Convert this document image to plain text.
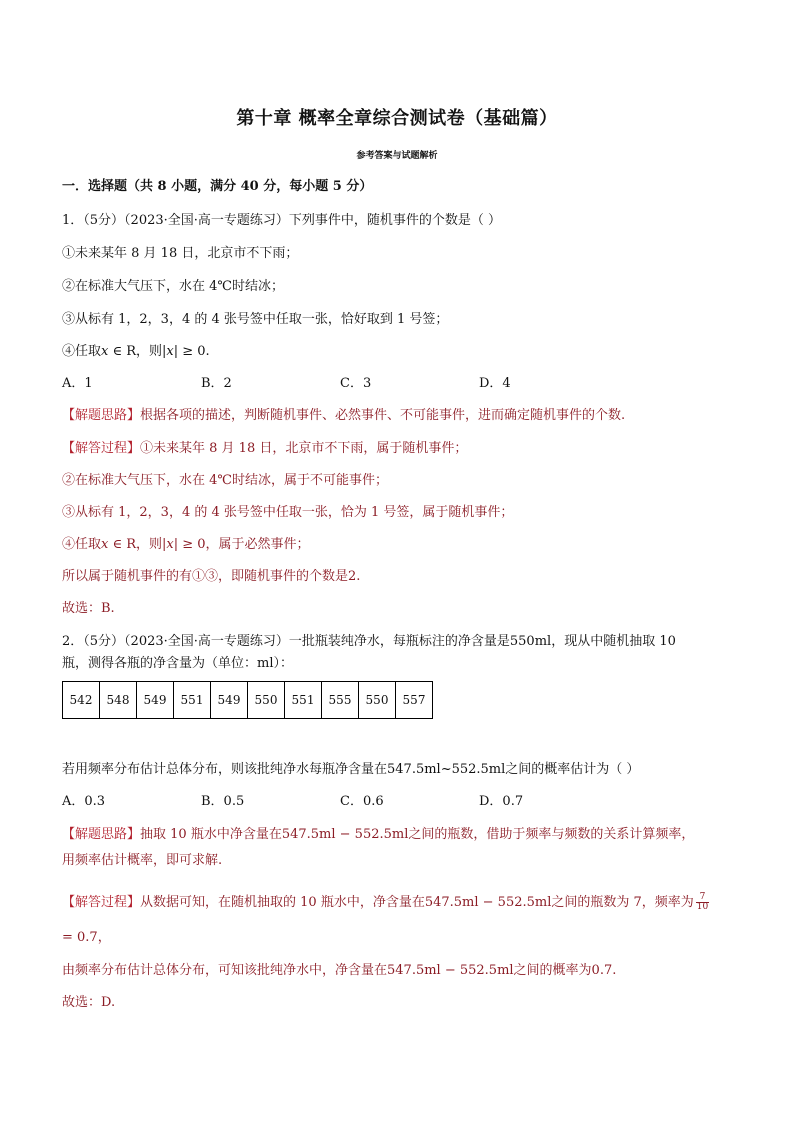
第十章 概率全章综合测试卷（基础篇）
参考答案与试题解析
一．选择题（共 8 小题，满分 40 分，每小题 5 分）
1．（5分）（2023·全国·高一专题练习）下列事件中，随机事件的个数是（ ）
①未来某年 8 月 18 日，北京市不下雨；
②在标准大气压下，水在 4℃时结冰；
③从标有 1，2，3，4 的 4 张号签中任取一张，恰好取到 1 号签；
④任取𝑥 ∈ R，则|𝑥| ≥ 0.
A．1	B．2	C．3	D．4
【解题思路】根据各项的描述，判断随机事件、必然事件、不可能事件，进而确定随机事件的个数.
【解答过程】①未来某年 8 月 18 日，北京市不下雨，属于随机事件；
②在标准大气压下，水在 4℃时结冰，属于不可能事件；
③从标有 1，2，3，4 的 4 张号签中任取一张，恰为 1 号签，属于随机事件；
④任取𝑥 ∈ R，则|𝑥| ≥ 0，属于必然事件；
所以属于随机事件的有①③，即随机事件的个数是2.
故选：B.
2．（5分）（2023·全国·高一专题练习）一批瓶装纯净水，每瓶标注的净含量是550ml，现从中随机抽取 10
瓶，测得各瓶的净含量为（单位：ml）：
542	548	549	551	549	550	551	555	550	557
若用频率分布估计总体分布，则该批纯净水每瓶净含量在547.5ml~552.5ml之间的概率估计为（ ）
A．0.3	B．0.5	C．0.6	D．0.7
【解题思路】抽取 10 瓶水中净含量在547.5ml − 552.5ml之间的瓶数，借助于频率与频数的关系计算频率，
用频率估计概率，即可求解.
【解答过程】从数据可知，在随机抽取的 10 瓶水中，净含量在547.5ml − 552.5ml之间的瓶数为 7，频率为 $\frac{7}{10}$
= 0.7，
由频率分布估计总体分布，可知该批纯净水中，净含量在547.5ml − 552.5ml之间的概率为0.7.
故选：D.
